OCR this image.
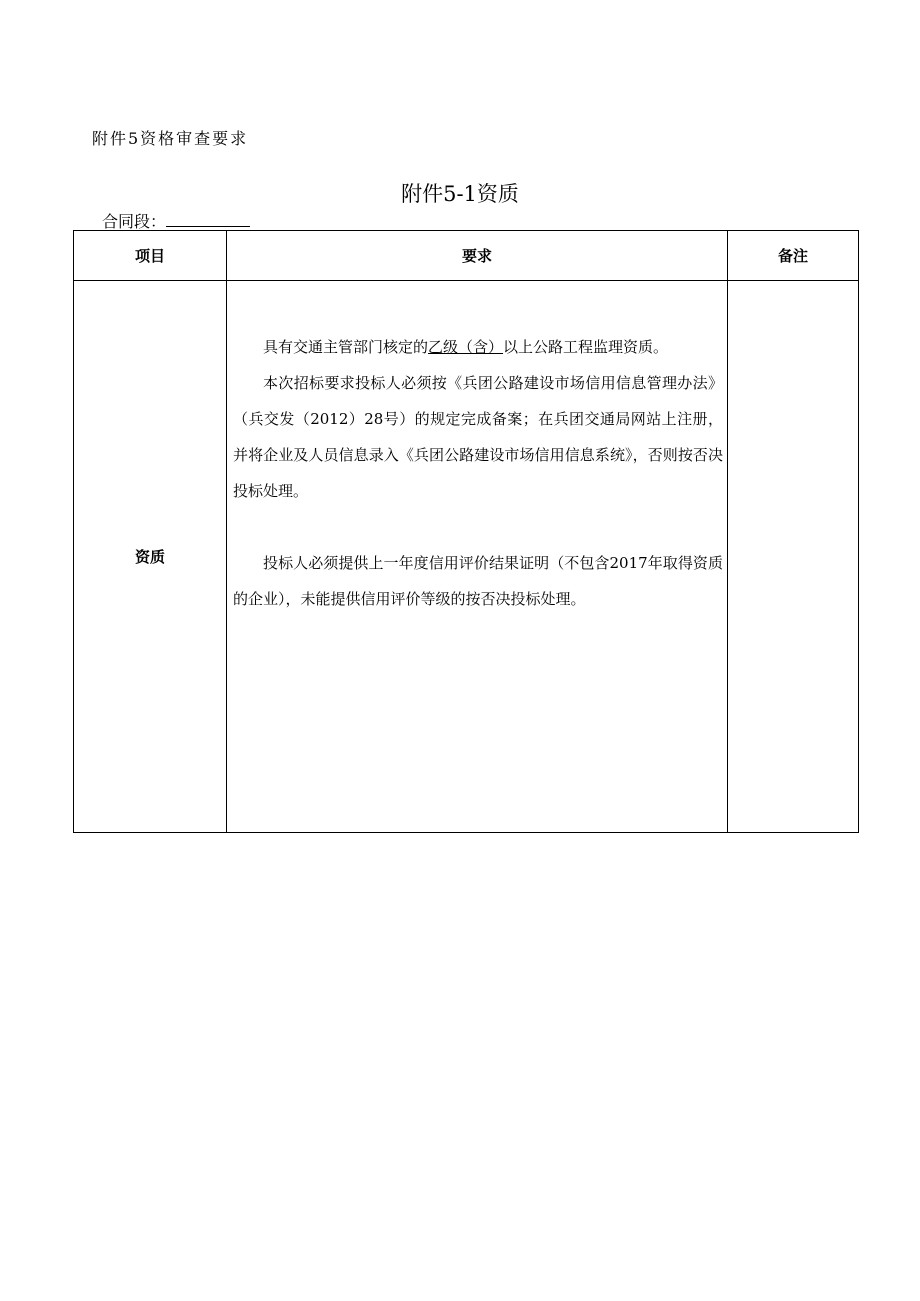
附件5资格审查要求
附件5-1资质
合同段：
项目	要求	备注
资质	具有交通主管部门核定的乙级（含）以上公路工程监理资质。

本次招标要求投标人必须按《兵团公路建设市场信用信息管理办法》（兵交发（2012）28号）的规定完成备案；在兵团交通局网站上注册，并将企业及人员信息录入《兵团公路建设市场信用信息系统》，否则按否决投标处理。

投标人必须提供上一年度信用评价结果证明（不包含2017年取得资质的企业），未能提供信用评价等级的按否决投标处理。	
